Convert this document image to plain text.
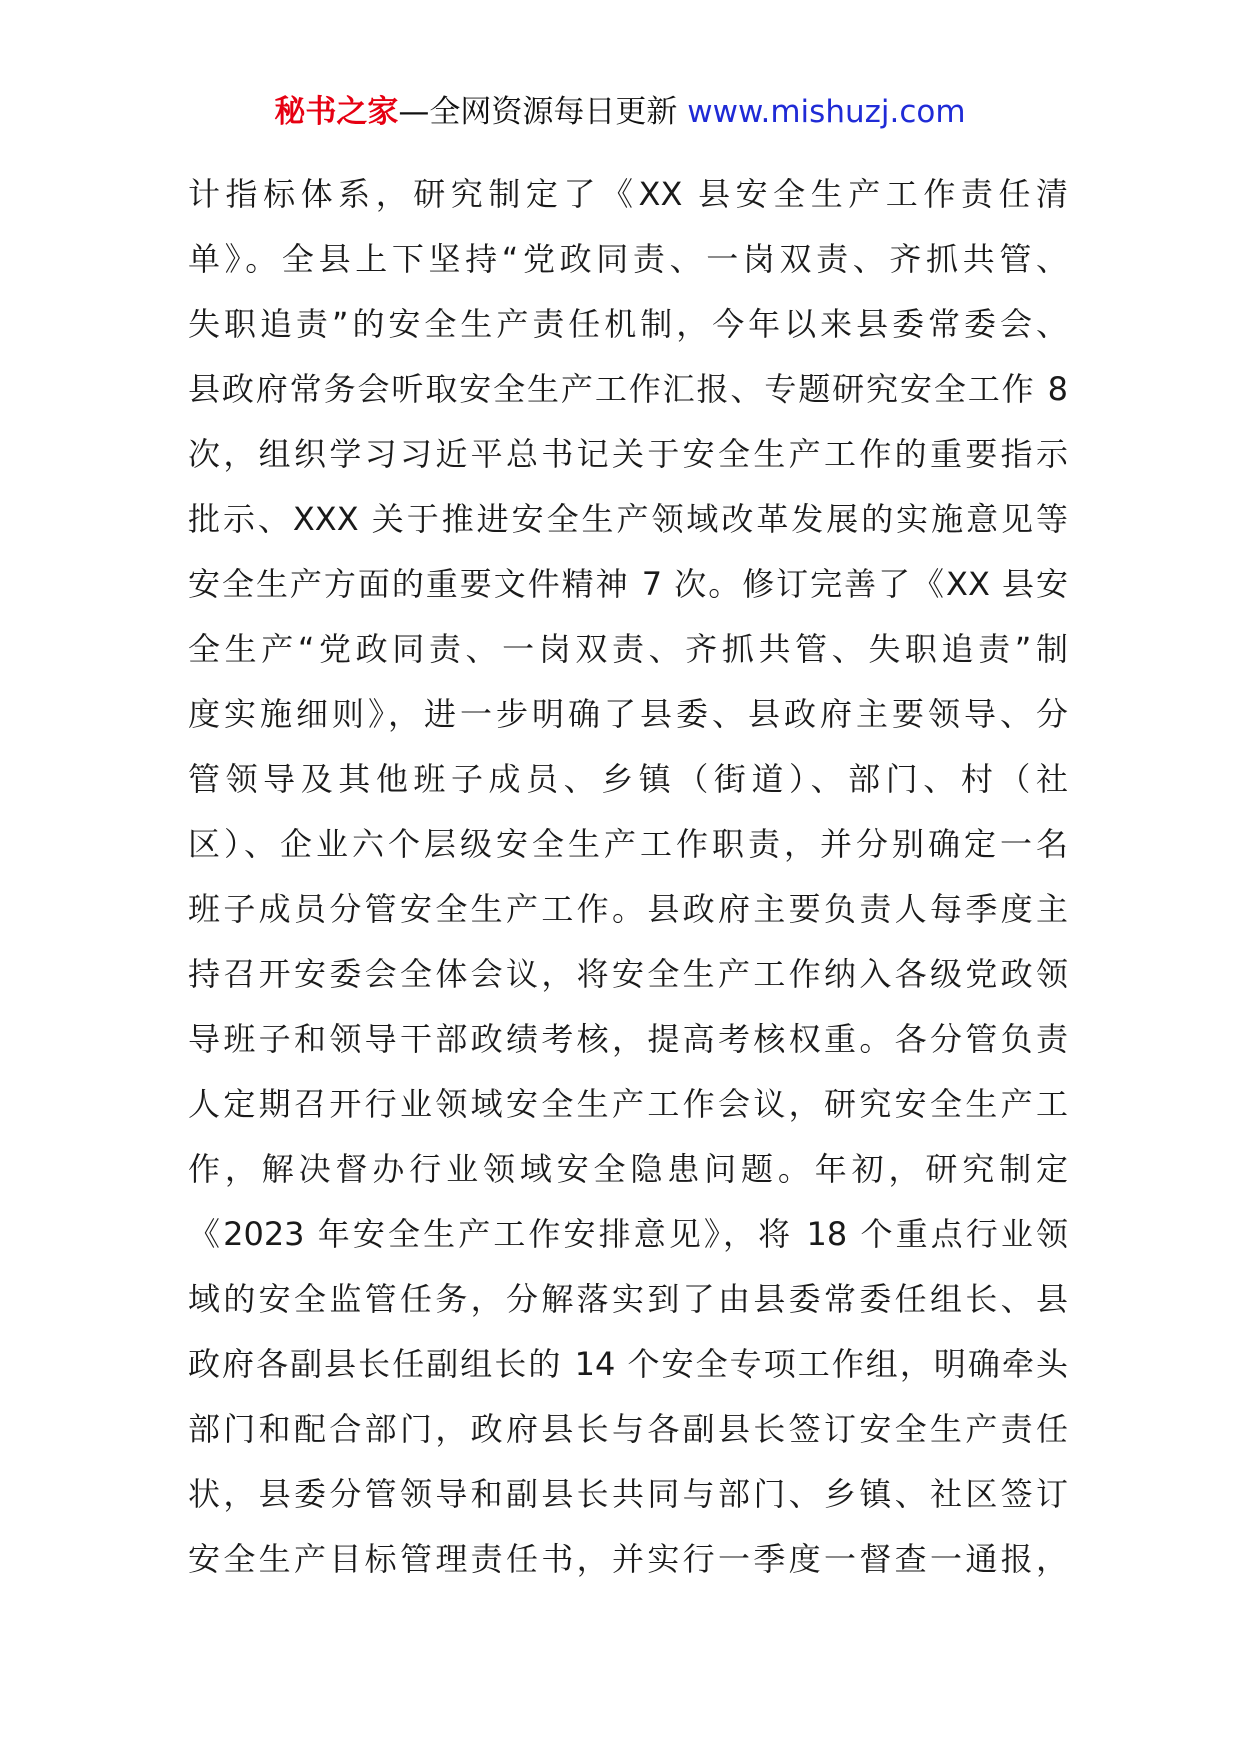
秘书之家—全网资源每日更新 www.mishuzj.com
计指标体系，研究制定了《XX 县安全生产工作责任清
单》。全县上下坚持“党政同责、一岗双责、齐抓共管、
失职追责”的安全生产责任机制，今年以来县委常委会、
县政府常务会听取安全生产工作汇报、专题研究安全工作 8
次，组织学习习近平总书记关于安全生产工作的重要指示
批示、XXX 关于推进安全生产领域改革发展的实施意见等
安全生产方面的重要文件精神 7 次。修订完善了《XX 县安
全生产“党政同责、一岗双责、齐抓共管、失职追责”制
度实施细则》，进一步明确了县委、县政府主要领导、分
管领导及其他班子成员、乡镇（街道）、部门、村（社
区）、企业六个层级安全生产工作职责，并分别确定一名
班子成员分管安全生产工作。县政府主要负责人每季度主
持召开安委会全体会议，将安全生产工作纳入各级党政领
导班子和领导干部政绩考核，提高考核权重。各分管负责
人定期召开行业领域安全生产工作会议，研究安全生产工
作，解决督办行业领域安全隐患问题。年初，研究制定
《2023 年安全生产工作安排意见》，将 18 个重点行业领
域的安全监管任务，分解落实到了由县委常委任组长、县
政府各副县长任副组长的 14 个安全专项工作组，明确牵头
部门和配合部门，政府县长与各副县长签订安全生产责任
状，县委分管领导和副县长共同与部门、乡镇、社区签订
安全生产目标管理责任书，并实行一季度一督查一通报，
